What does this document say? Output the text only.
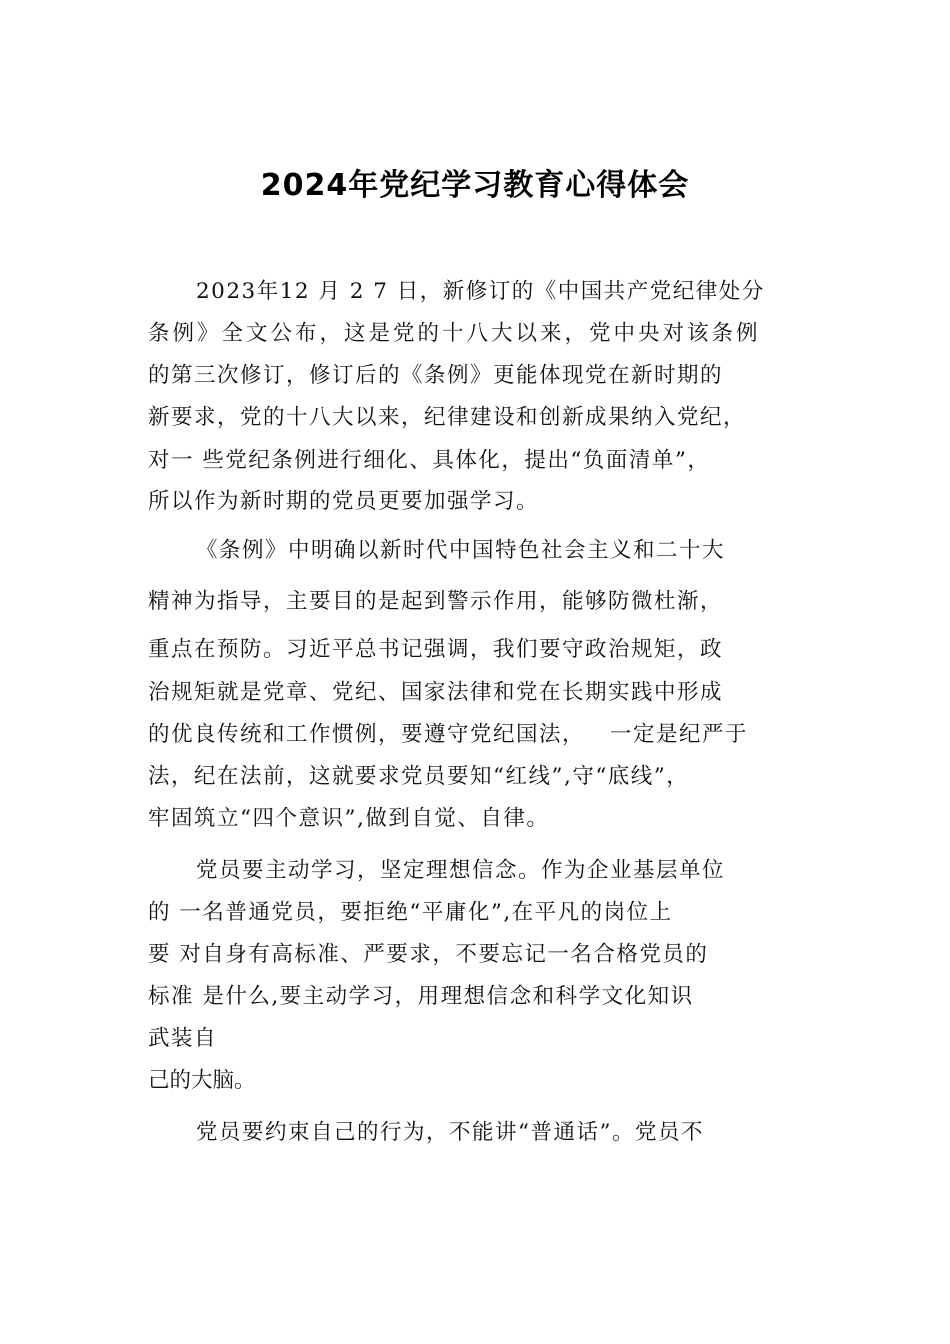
2024年党纪学习教育心得体会
2023年12 月 2 7 日，新修订的《中国共产党纪律处分
条例》全文公布，这是党的十八大以来，党中央对该条例
的第三次修订，修订后的《条例》更能体现党在新时期的
新要求，党的十八大以来，纪律建设和创新成果纳入党纪，
对一 些党纪条例进行细化、具体化，提出“负面清单”，
所以作为新时期的党员更要加强学习。
《条例》中明确以新时代中国特色社会主义和二十大
精神为指导，主要目的是起到警示作用，能够防微杜渐，
重点在预防。习近平总书记强调，我们要守政治规矩，政
治规矩就是党章、党纪、国家法律和党在长期实践中形成
的优良传统和工作惯例，要遵守党纪国法，   一定是纪严于
法，纪在法前，这就要求党员要知“红线”,守“底线”，
牢固筑立“四个意识”,做到自觉、自律。
党员要主动学习，坚定理想信念。作为企业基层单位
的 一名普通党员，要拒绝“平庸化”,在平凡的岗位上
要 对自身有高标准、严要求，不要忘记一名合格党员的
标准 是什么,要主动学习，用理想信念和科学文化知识
武装自
己的大脑。
党员要约束自己的行为，不能讲“普通话”。党员不
